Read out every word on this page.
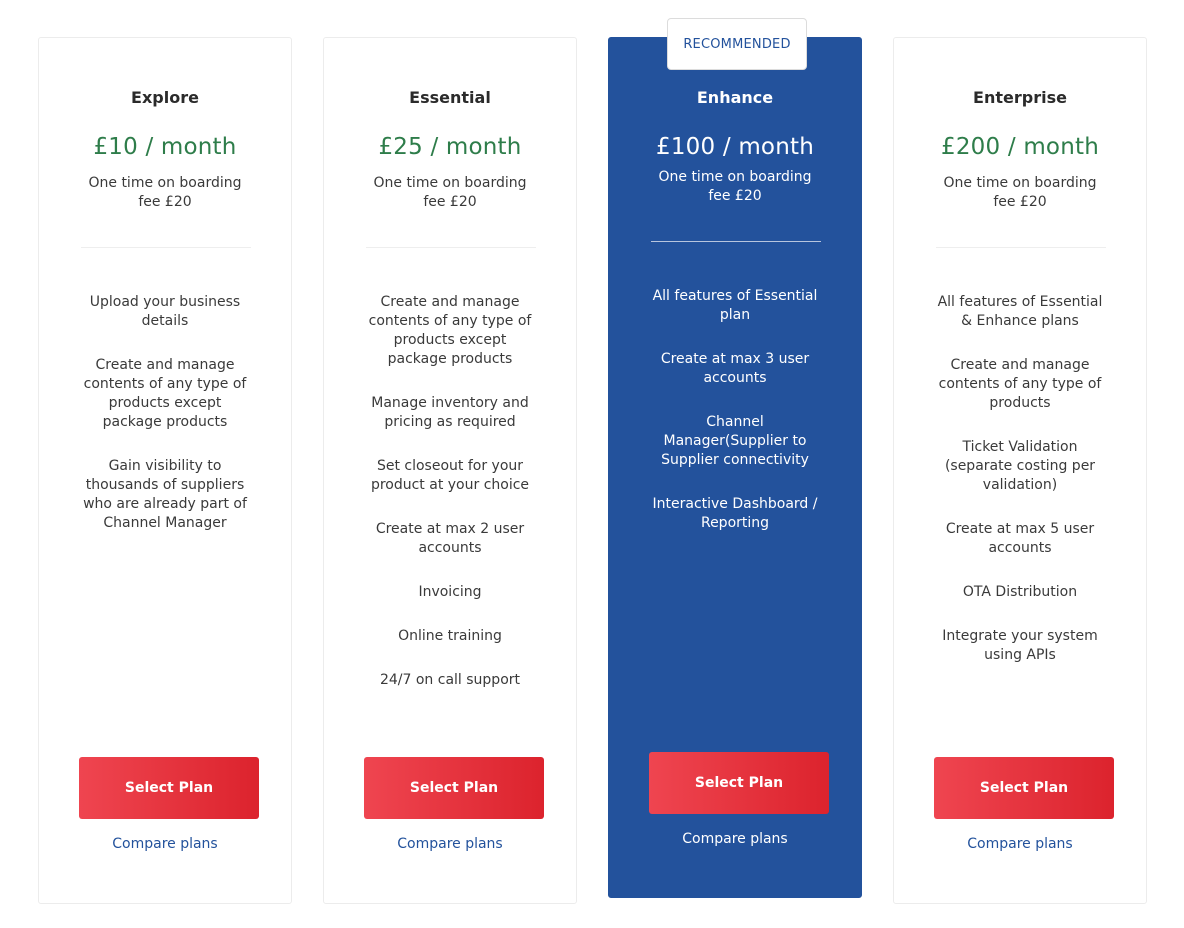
Explore
£10 / month
One time on boarding fee £20
Upload your business details
Create and manage contents of any type of products except package products
Gain visibility to thousands of suppliers who are already part of Channel Manager
Select Plan
Compare plans
Essential
£25 / month
One time on boarding fee £20
Create and manage contents of any type of products except package products
Manage inventory and pricing as required
Set closeout for your product at your choice
Create at max 2 user accounts
Invoicing
Online training
24/7 on call support
Select Plan
Compare plans
RECOMMENDED
Enhance
£100 / month
One time on boarding fee £20
All features of Essential plan
Create at max 3 user accounts
Channel Manager(Supplier to Supplier connectivity
Interactive Dashboard / Reporting
Select Plan
Compare plans
Enterprise
£200 / month
One time on boarding fee £20
All features of Essential & Enhance plans
Create and manage contents of any type of products
Ticket Validation (separate costing per validation)
Create at max 5 user accounts
OTA Distribution
Integrate your system using APIs
Select Plan
Compare plans
